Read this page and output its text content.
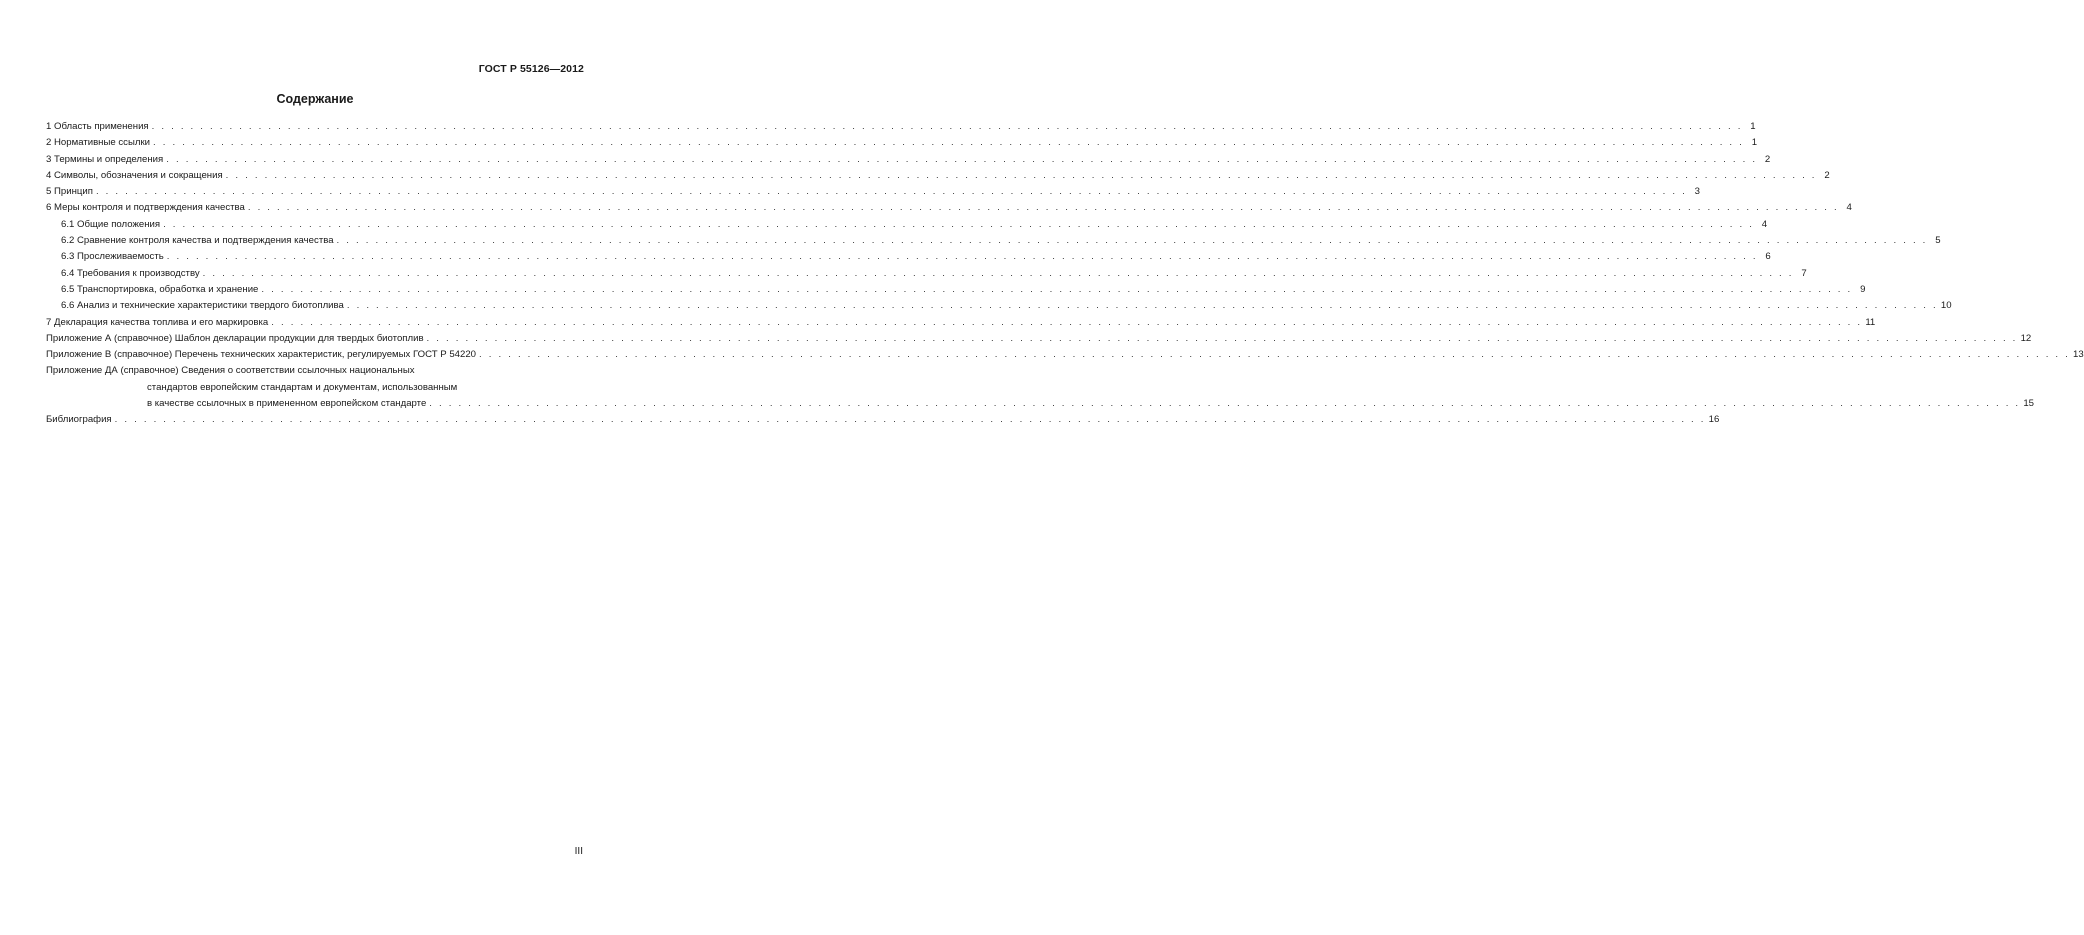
ГОСТ Р 55126—2012
Содержание
1 Область применения . . .	1
2 Нормативные ссылки . . .	1
3 Термины и определения . . .	2
4 Символы, обозначения и сокращения . . .	2
5 Принцип . . .	3
6 Меры контроля и подтверждения качества . . .	4
6.1 Общие положения . . .	4
6.2 Сравнение контроля качества и подтверждения качества . . .	5
6.3 Прослеживаемость . . .	6
6.4 Требования к производству . . .	7
6.5 Транспортировка, обработка и хранение . . .	9
6.6 Анализ и технические характеристики твердого биотоплива . . .	10
7 Декларация качества топлива и его маркировка . . .	11
Приложение А (справочное) Шаблон декларации продукции для твердых биотоплив . . .	12
Приложение В (справочное) Перечень технических характеристик, регулируемых ГОСТ Р 54220 . . .	13
Приложение ДА (справочное) Сведения о соответствии ссылочных национальных
стандартов европейским стандартам и документам, использованным
в качестве ссылочных в примененном европейском стандарте . . .	15
Библиография . . .	16
III
